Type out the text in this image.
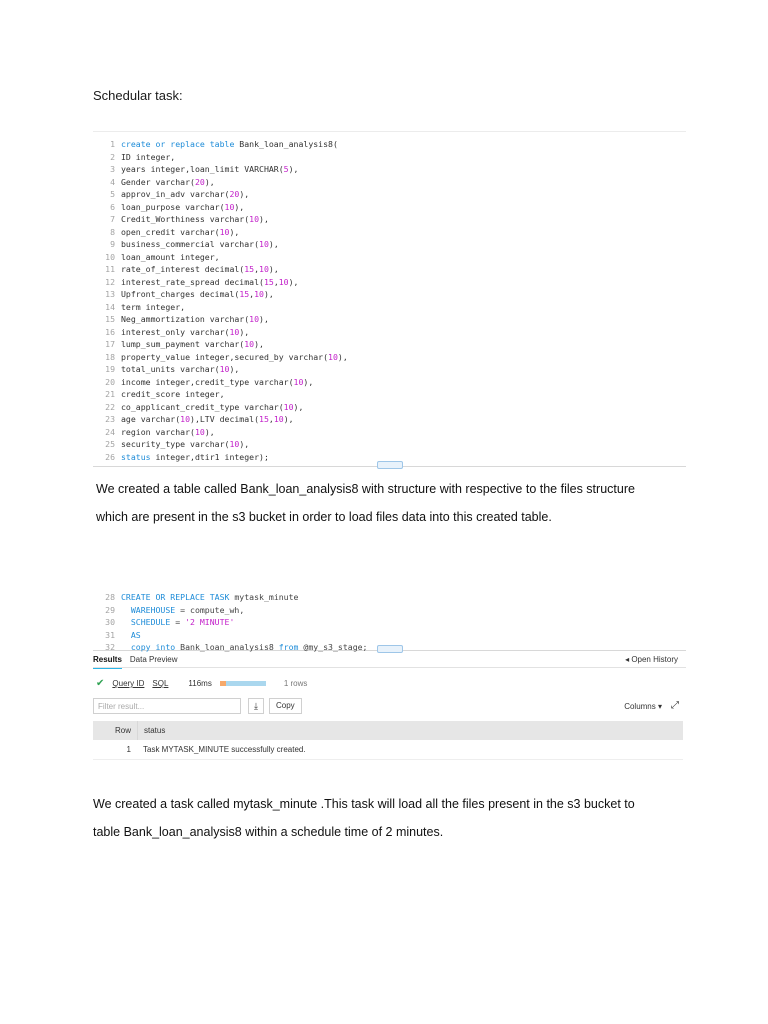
Schedular task:
1 create or replace table Bank_loan_analysis8(
2 ID integer,
3 years integer,loan_limit VARCHAR(5),
4 Gender varchar(20),
5 approv_in_adv varchar(20),
6 loan_purpose varchar(10),
7 Credit_Worthiness varchar(10),
8 open_credit varchar(10),
9 business_commercial varchar(10),
10 loan_amount integer,
11 rate_of_interest decimal(15,10),
12 interest_rate_spread decimal(15,10),
13 Upfront_charges decimal(15,10),
14 term integer,
15 Neg_ammortization varchar(10),
16 interest_only varchar(10),
17 lump_sum_payment varchar(10),
18 property_value integer,secured_by varchar(10),
19 total_units varchar(10),
20 income integer,credit_type varchar(10),
21 credit_score integer,
22 co_applicant_credit_type varchar(10),
23 age varchar(10),LTV decimal(15,10),
24 region varchar(10),
25 security_type varchar(10),
26 status integer,dtir1 integer);
We created a table called Bank_loan_analysis8 with structure with respective to the files structure
which are present in the s3 bucket in order to load files data into this created table.
28 CREATE OR REPLACE TASK mytask_minute
29	WAREHOUSE = compute_wh,
30	SCHEDULE = '2 MINUTE'
31	AS
32	copy into Bank_loan_analysis8 from @my_s3_stage;
Results Data Preview	◂ Open History
✔ Query ID SQL	116ms	1 rows
Filter result...	⤓	Copy	Columns ▾ ⤢
Row	status
1	Task MYTASK_MINUTE successfully created.
We created a task called mytask_minute .This task will load all the files present in the s3 bucket to
table Bank_loan_analysis8 within a schedule time of 2 minutes.
